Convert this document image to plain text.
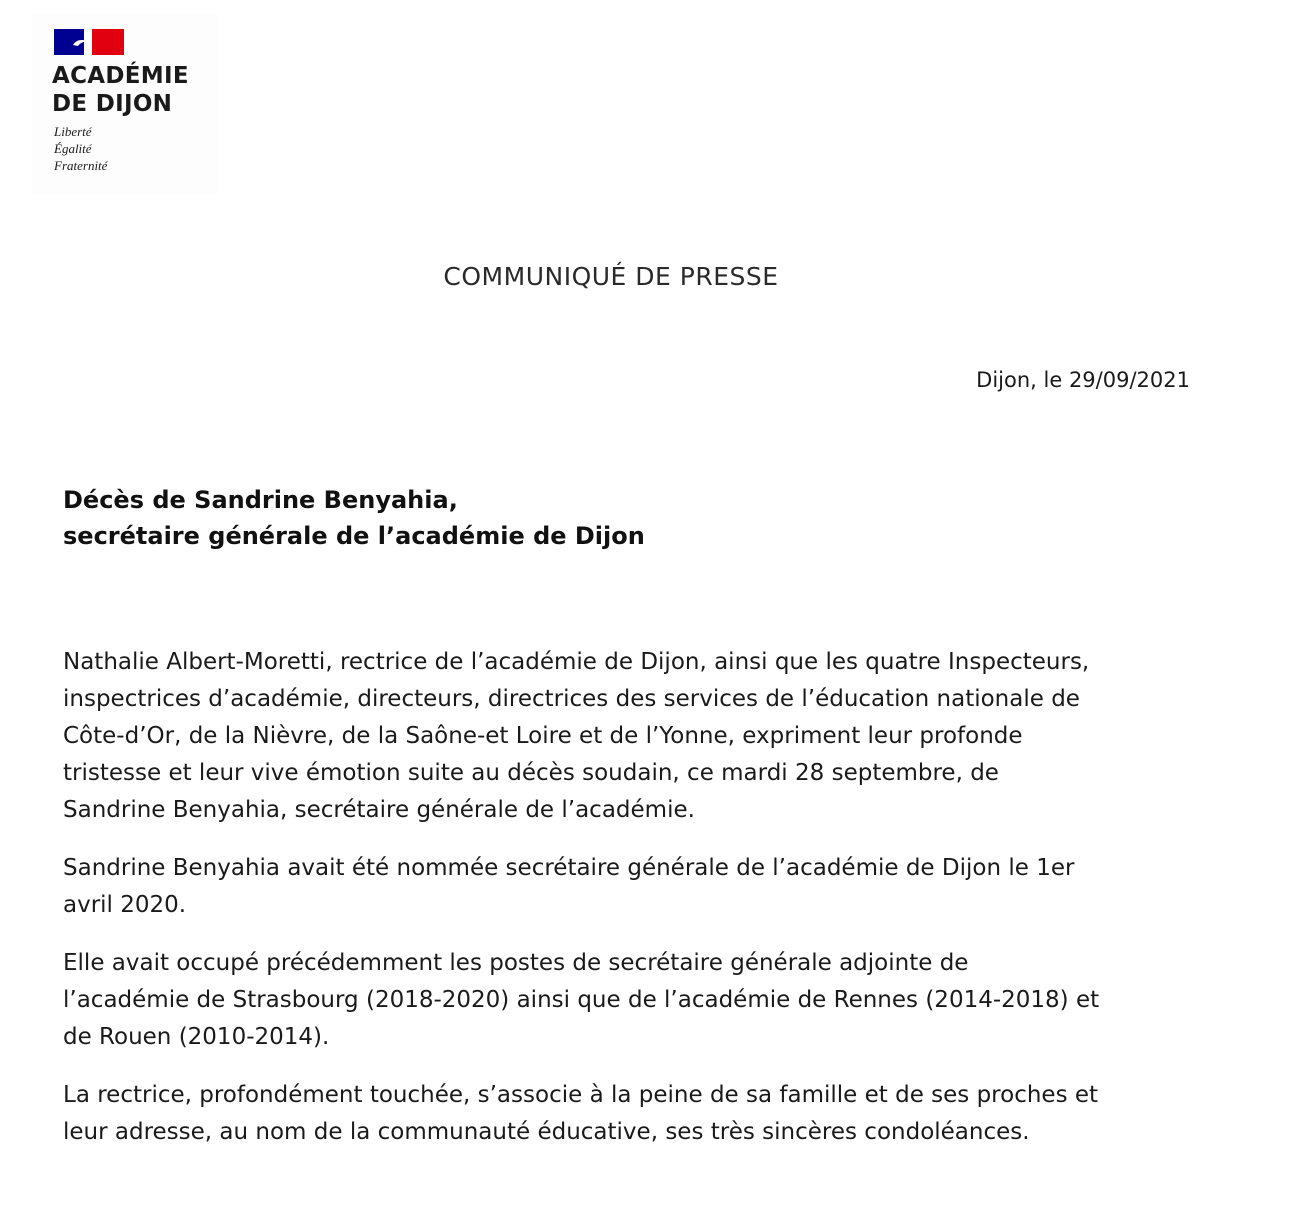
ACADÉMIE
DE DIJON
Liberté
Égalité
Fraternité
COMMUNIQUÉ DE PRESSE
Dijon, le 29/09/2021
Décès de Sandrine Benyahia,
secrétaire générale de l’académie de Dijon

Nathalie Albert-Moretti, rectrice de l’académie de Dijon, ainsi que les quatre Inspecteurs,
inspectrices d’académie, directeurs, directrices des services de l’éducation nationale de
Côte-d’Or, de la Nièvre, de la Saône-et Loire et de l’Yonne, expriment leur profonde
tristesse et leur vive émotion suite au décès soudain, ce mardi 28 septembre, de
Sandrine Benyahia, secrétaire générale de l’académie.

Sandrine Benyahia avait été nommée secrétaire générale de l’académie de Dijon le 1er
avril 2020.

Elle avait occupé précédemment les postes de secrétaire générale adjointe de
l’académie de Strasbourg (2018-2020) ainsi que de l’académie de Rennes (2014-2018) et
de Rouen (2010-2014).

La rectrice, profondément touchée, s’associe à la peine de sa famille et de ses proches et
leur adresse, au nom de la communauté éducative, ses très sincères condoléances.
